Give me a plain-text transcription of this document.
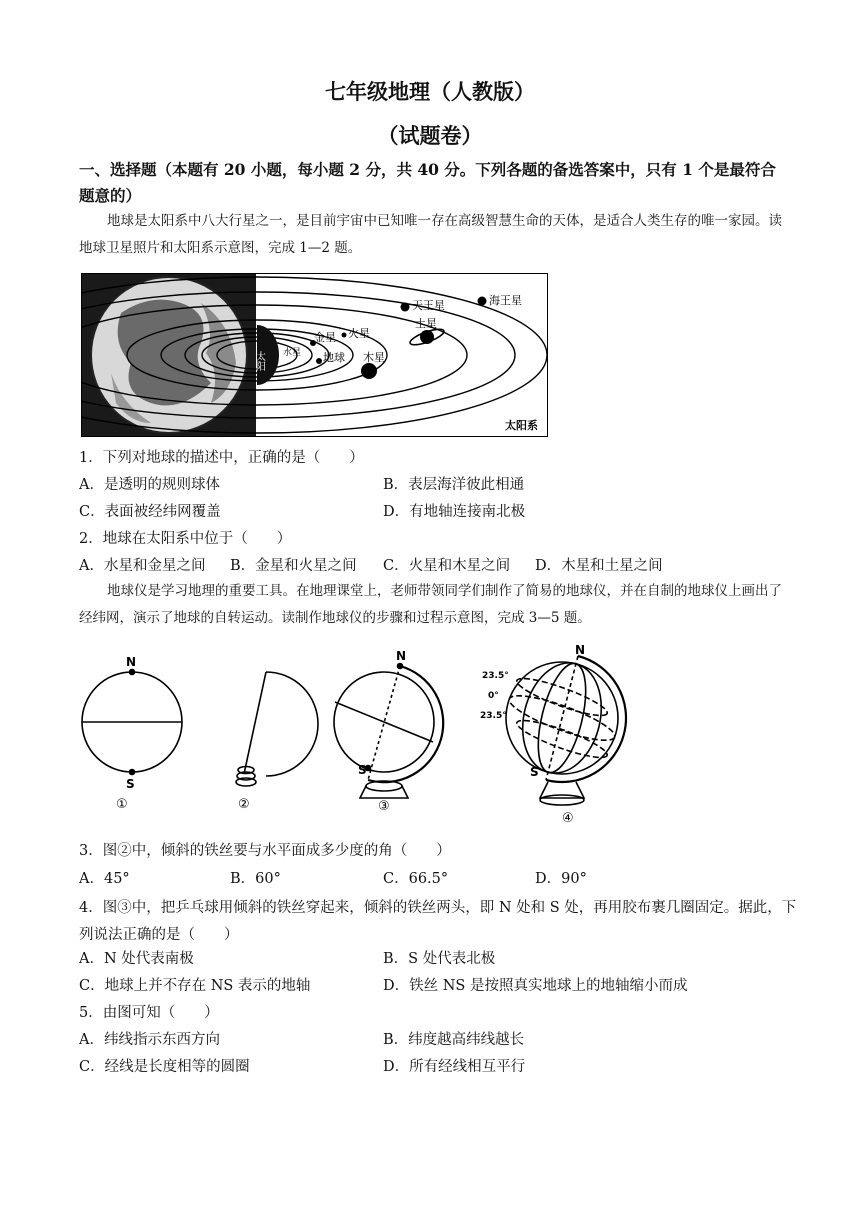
七年级地理（人教版）
（试题卷）
一、选择题（本题有 20 小题，每小题 2 分，共 40 分。下列各题的备选答案中，只有 1 个是最符合题意的）
地球是太阳系中八大行星之一，是目前宇宙中已知唯一存在高级智慧生命的天体，是适合人类生存的唯一家园。读地球卫星照片和太阳系示意图，完成 1—2 题。
太阳 水星
金星
地球
火星
木星
土星
天王星	海王星
太阳系
1．下列对地球的描述中，正确的是（　　）
A．是透明的规则球体	B．表层海洋彼此相通
C．表面被经纬网覆盖	D．有地轴连接南北极
2．地球在太阳系中位于（　　）
A．水星和金星之间 B．金星和火星之间 C．火星和木星之间 D．木星和土星之间
地球仪是学习地理的重要工具。在地理课堂上，老师带领同学们制作了简易的地球仪，并在自制的地球仪上画出了经纬网，演示了地球的自转运动。读制作地球仪的步骤和过程示意图，完成 3—5 题。
N
S
①	②
N
S
③
N
S
23.5°
0°
23.5°
④
3．图②中，倾斜的铁丝要与水平面成多少度的角（　　）
A．45°	B．60°	C．66.5°	D．90°
4．图③中，把乒乓球用倾斜的铁丝穿起来，倾斜的铁丝两头，即 N 处和 S 处，再用胶布裹几圈固定。据此，下列说法正确的是（　　）
A．N 处代表南极	B．S 处代表北极
C．地球上并不存在 NS 表示的地轴	D．铁丝 NS 是按照真实地球上的地轴缩小而成
5．由图可知（　　）
A．纬线指示东西方向	B．纬度越高纬线越长
C．经线是长度相等的圆圈	D．所有经线相互平行
